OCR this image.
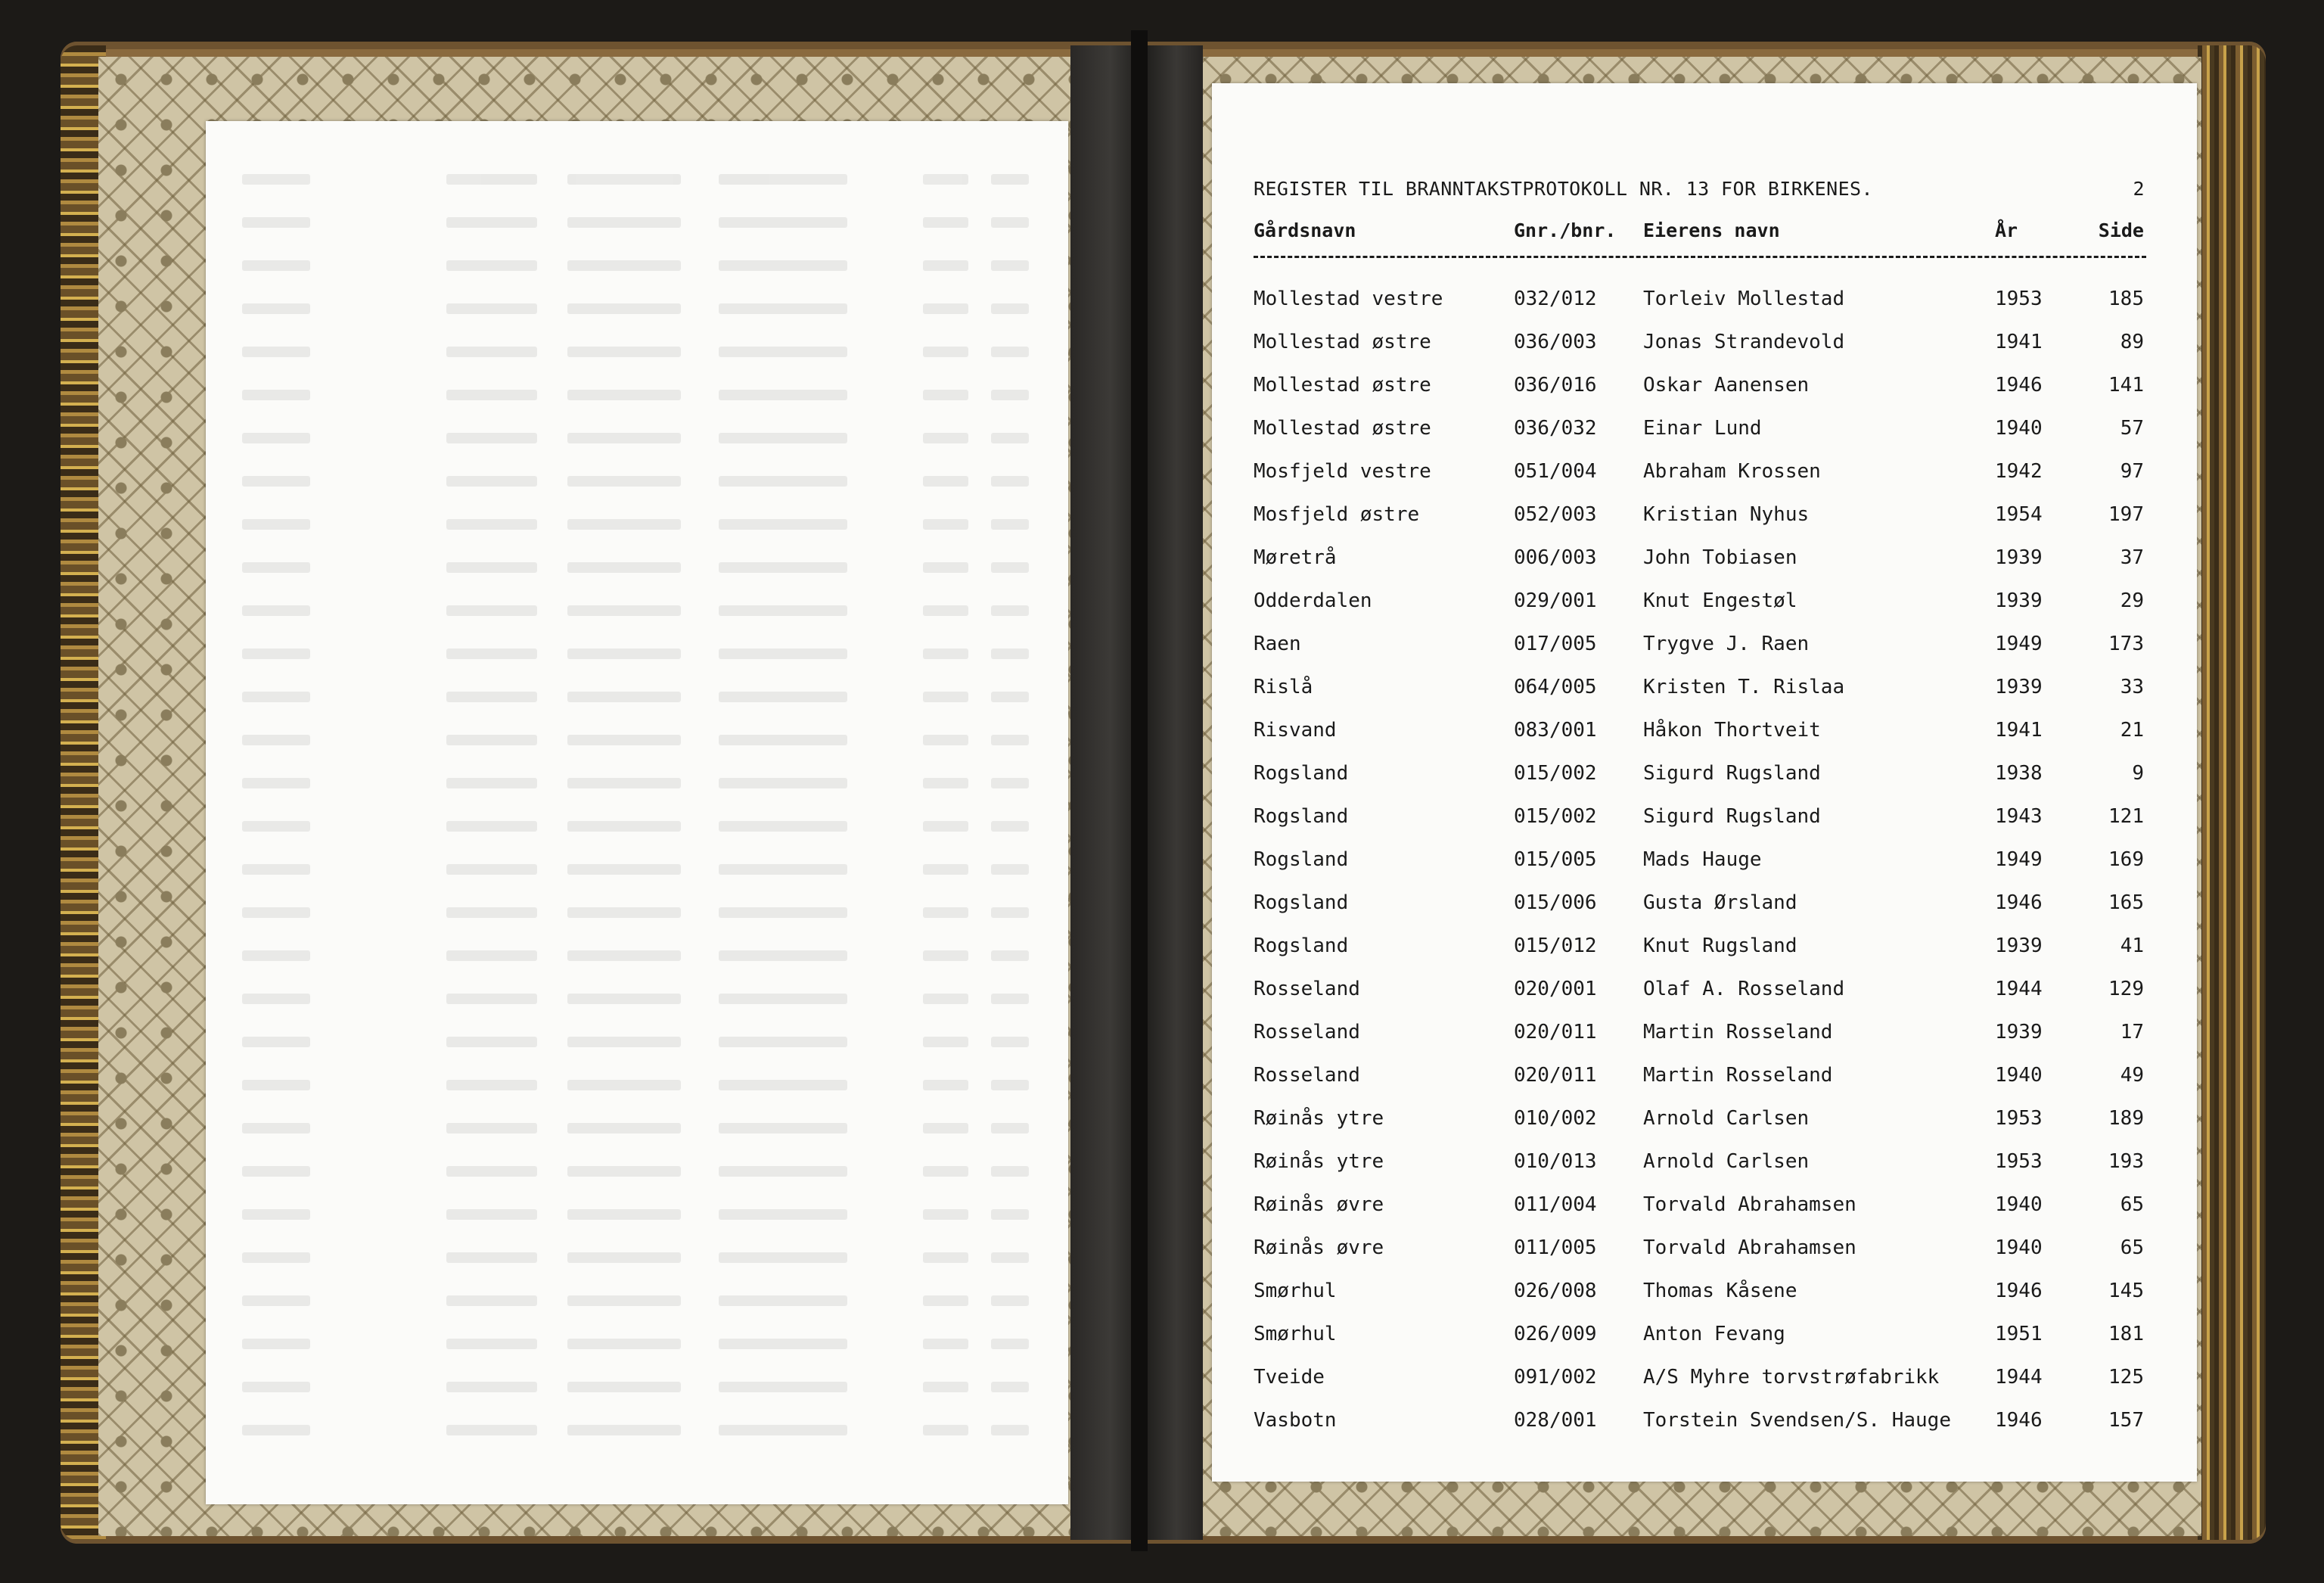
REGISTER TIL BRANNTAKSTPROTOKOLL NR. 13 FOR BIRKENES.	2
Gårdsnavn	Gnr./bnr. Eierens navn	År	Side
Mollestad vestre	032/012 Torleiv Mollestad	1953	185
Mollestad østre	036/003 Jonas Strandevold	1941	89
Mollestad østre	036/016 Oskar Aanensen	1946	141
Mollestad østre	036/032 Einar Lund	1940	57
Mosfjeld vestre	051/004 Abraham Krossen	1942	97
Mosfjeld østre	052/003 Kristian Nyhus	1954	197
Møretrå	006/003 John Tobiasen	1939	37
Odderdalen	029/001 Knut Engestøl	1939	29
Raen	017/005 Trygve J. Raen	1949	173
Rislå	064/005 Kristen T. Rislaa	1939	33
Risvand	083/001 Håkon Thortveit	1941	21
Rogsland	015/002 Sigurd Rugsland	1938	9
Rogsland	015/002 Sigurd Rugsland	1943	121
Rogsland	015/005 Mads Hauge	1949	169
Rogsland	015/006 Gusta Ørsland	1946	165
Rogsland	015/012 Knut Rugsland	1939	41
Rosseland	020/001 Olaf A. Rosseland	1944	129
Rosseland	020/011 Martin Rosseland	1939	17
Rosseland	020/011 Martin Rosseland	1940	49
Røinås ytre	010/002 Arnold Carlsen	1953	189
Røinås ytre	010/013 Arnold Carlsen	1953	193
Røinås øvre	011/004 Torvald Abrahamsen	1940	65
Røinås øvre	011/005 Torvald Abrahamsen	1940	65
Smørhul	026/008 Thomas Kåsene	1946	145
Smørhul	026/009 Anton Fevang	1951	181
Tveide	091/002 A/S Myhre torvstrøfabrikk	1944	125
Vasbotn	028/001 Torstein Svendsen/S. Hauge 1946	157
